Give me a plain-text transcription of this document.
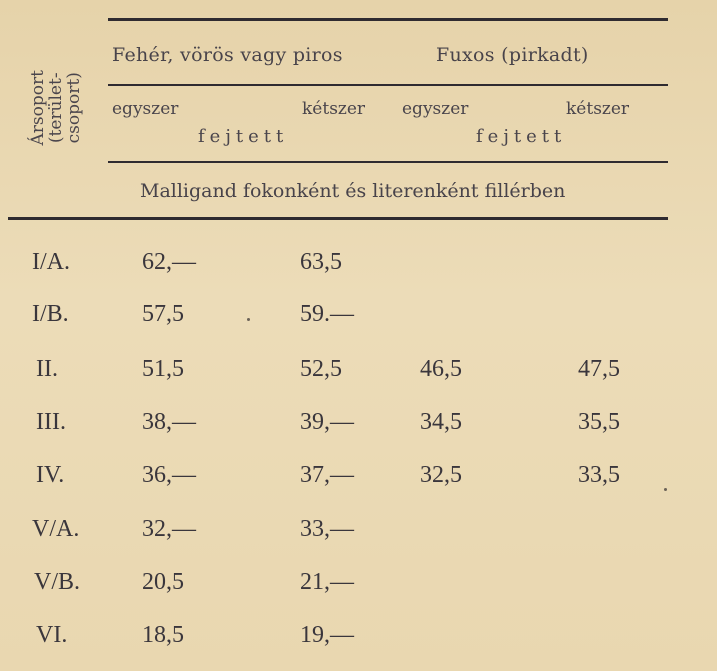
Ársoport
(terület-
csoport)
Fehér, vörös vagy piros	Fuxos (pirkadt)
egyszer	kétszer egyszer	kétszer
fejtett	fejtett
Malligand fokonként és literenként fillérben
I/A.	62,—	63,5
I/B.	57,5	59.—
II.	51,5	52,5	46,5	47,5
III.	38,—	39,—	34,5	35,5
IV.	36,—	37,—	32,5	33,5
V/A.	32,—	33,—
V/B.	20,5	21,—
VI.	18,5	19,—
